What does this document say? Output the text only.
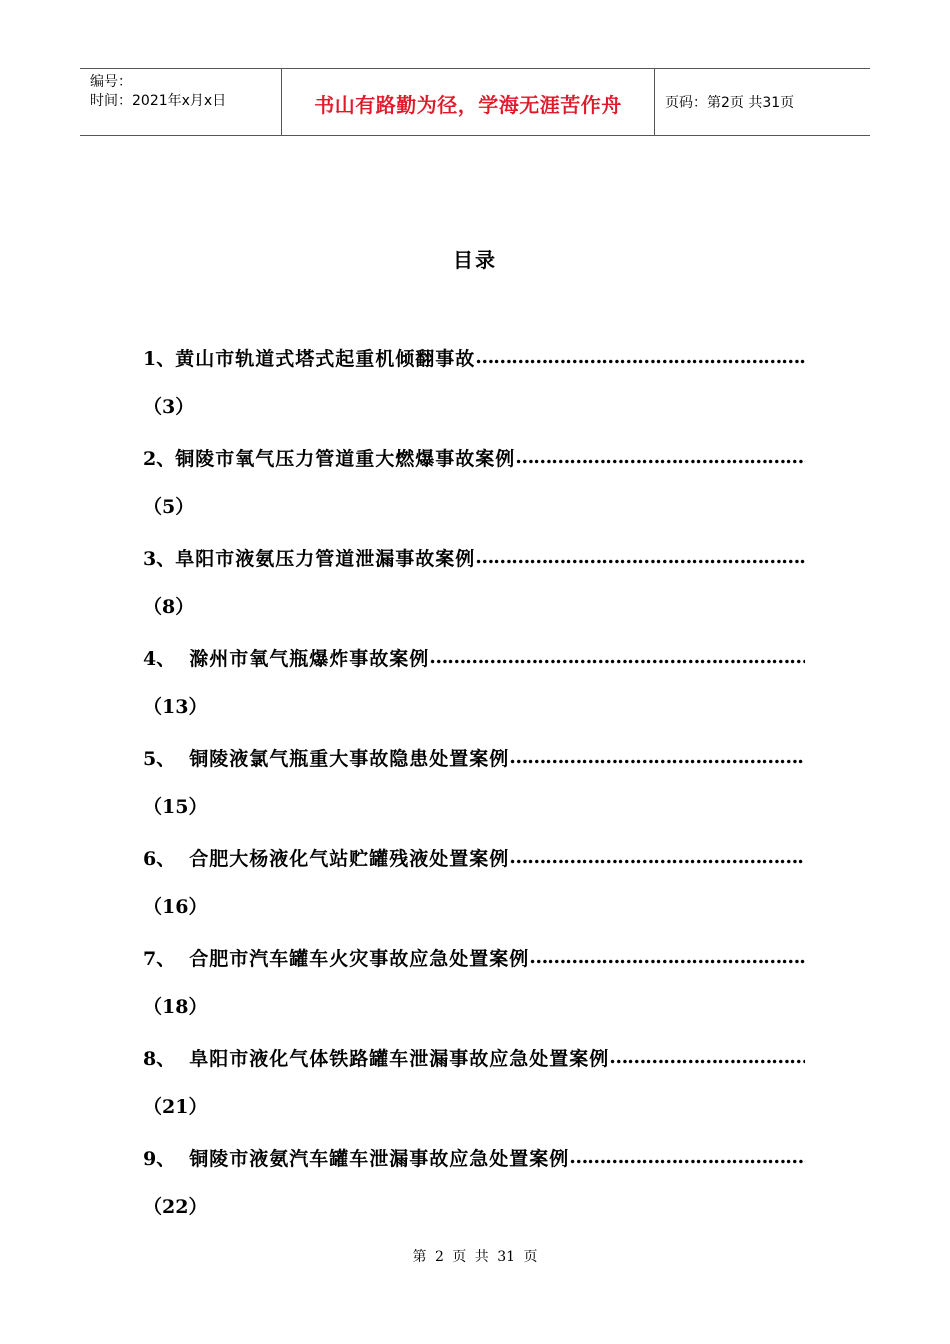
编号：
时间：2021年x月x日	书山有路勤为径，学海无涯苦作舟	页码：第2页 共31页
目录
1、 黄山市轨道式塔式起重机倾翻事故
……………………………………………………………………………………………………………
（3）
2、 铜陵市氧气压力管道重大燃爆事故案例
……………………………………………………………………………………………………………
（5）
3、 阜阳市液氨压力管道泄漏事故案例
……………………………………………………………………………………………………………
（8）
4、 滁州市氧气瓶爆炸事故案例
……………………………………………………………………………………………………………
（13）
5、 铜陵液氯气瓶重大事故隐患处置案例
……………………………………………………………………………………………………………
（15）
6、 合肥大杨液化气站贮罐残液处置案例
……………………………………………………………………………………………………………
（16）
7、 合肥市汽车罐车火灾事故应急处置案例
……………………………………………………………………………………………………………
（18）
8、 阜阳市液化气体铁路罐车泄漏事故应急处置案例
……………………………………………………………………………………………………………
（21）
9、 铜陵市液氨汽车罐车泄漏事故应急处置案例
……………………………………………………………………………………………………………
（22）
第 2 页 共 31 页
